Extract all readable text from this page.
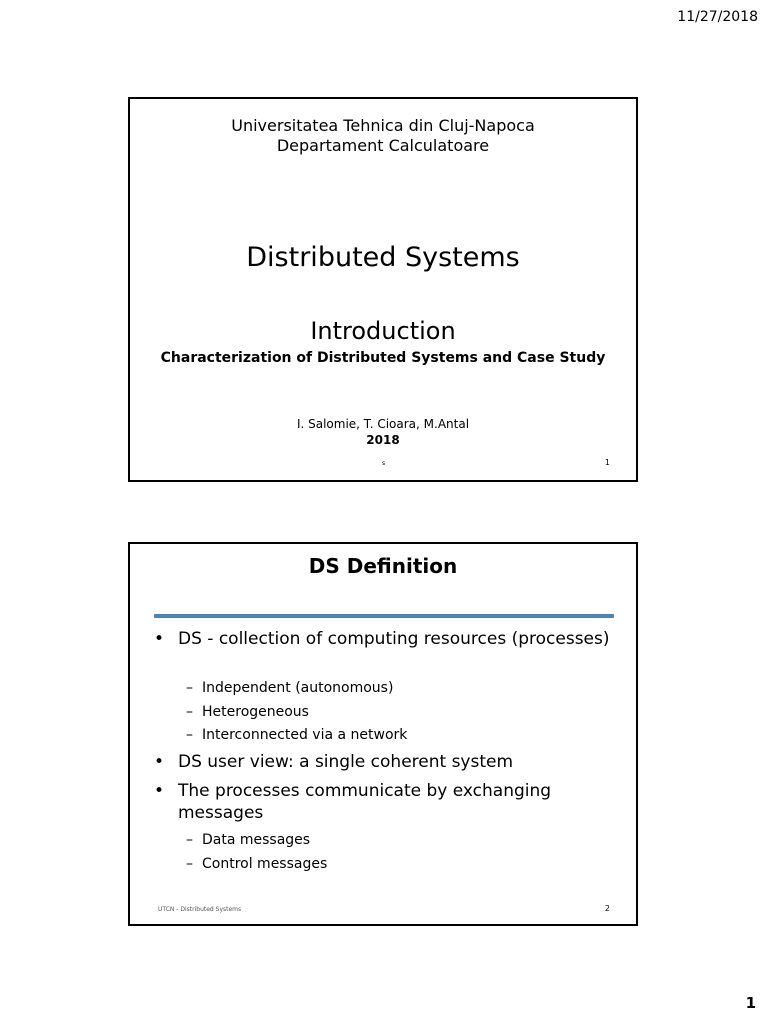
11/27/2018
Universitatea Tehnica din Cluj-Napoca
Departament Calculatoare
Distributed Systems
Introduction
Characterization of Distributed Systems and Case Study
I. Salomie, T. Cioara, M.Antal
2018
s	1
DS Definition
• DS - collection of computing resources (processes)
– Independent (autonomous)
– Heterogeneous
– Interconnected via a network
• DS user view: a single coherent system
• The processes communicate by exchanging messages
– Data messages
– Control messages
UTCN - Distributed Systems	2
1
